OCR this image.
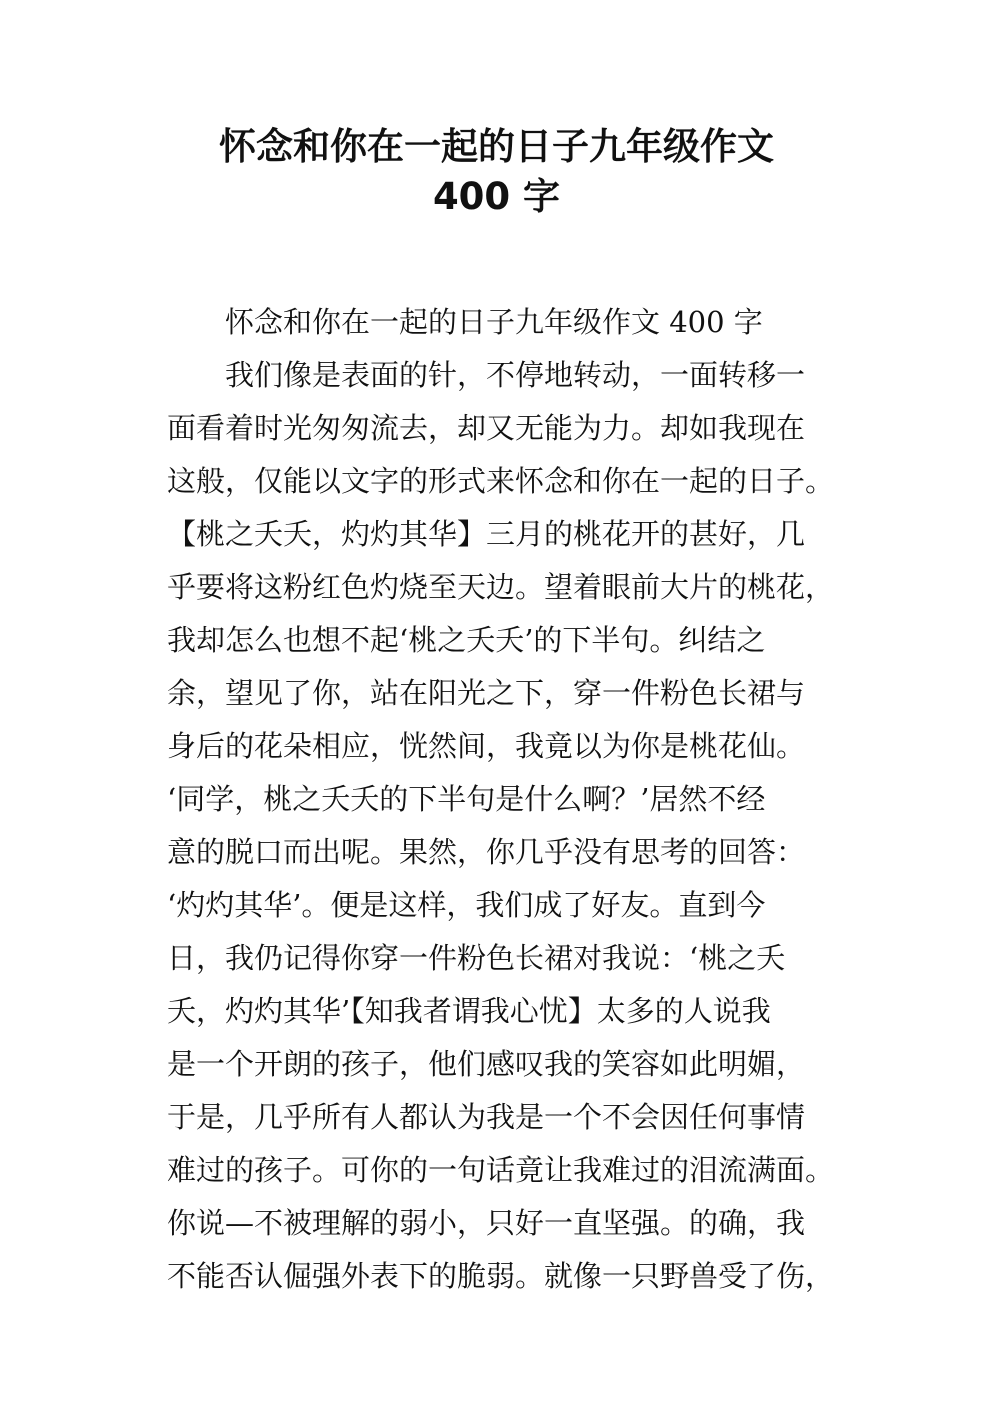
怀念和你在一起的日子九年级作文
400 字
怀念和你在一起的日子九年级作文 400 字
我们像是表面的针，不停地转动，一面转移一
面看着时光匆匆流去，却又无能为力。却如我现在
这般，仅能以文字的形式来怀念和你在一起的日子。
【桃之夭夭，灼灼其华】三月的桃花开的甚好，几
乎要将这粉红色灼烧至天边。望着眼前大片的桃花，
我却怎么也想不起‘桃之夭夭’的下半句。纠结之
余，望见了你，站在阳光之下，穿一件粉色长裙与
身后的花朵相应，恍然间，我竟以为你是桃花仙。
‘同学，桃之夭夭的下半句是什么啊？’居然不经
意的脱口而出呢。果然，你几乎没有思考的回答：
‘灼灼其华’。便是这样，我们成了好友。直到今
日，我仍记得你穿一件粉色长裙对我说：‘桃之夭
夭，灼灼其华’【知我者谓我心忧】太多的人说我
是一个开朗的孩子，他们感叹我的笑容如此明媚，
于是，几乎所有人都认为我是一个不会因任何事情
难过的孩子。可你的一句话竟让我难过的泪流满面。
你说—不被理解的弱小，只好一直坚强。的确，我
不能否认倔强外表下的脆弱。就像一只野兽受了伤，
